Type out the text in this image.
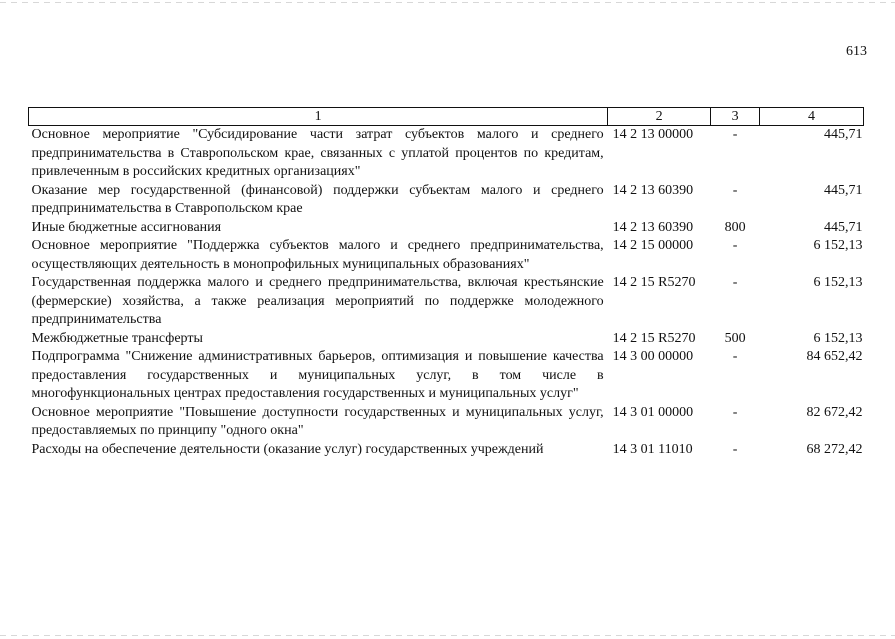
613
1	2	3	4
Основное мероприятие "Субсидирование части затрат субъектов малого и среднего предпринимательства в Ставропольском крае, связанных с уплатой процентов по кредитам, привлеченным в российских кредитных организациях"	14 2 13 00000	-	445,71
Оказание мер государственной (финансовой) поддержки субъектам малого и среднего предпринимательства в Ставропольском крае	14 2 13 60390	-	445,71
Иные бюджетные ассигнования	14 2 13 60390	800	445,71
Основное мероприятие "Поддержка субъектов малого и среднего предпринимательства, осуществляющих деятельность в монопрофильных муниципальных образованиях"	14 2 15 00000	-	6 152,13
Государственная поддержка малого и среднего предпринимательства, включая крестьянские (фермерские) хозяйства, а также реализация мероприятий по поддержке молодежного предпринимательства	14 2 15 R5270	-	6 152,13
Межбюджетные трансферты	14 2 15 R5270	500	6 152,13
Подпрограмма "Снижение административных барьеров, оптимизация и повышение качества предоставления государственных и муниципальных услуг, в том числе в многофункциональных центрах предоставления государственных и муниципальных услуг"	14 3 00 00000	-	84 652,42
Основное мероприятие "Повышение доступности государственных и муниципальных услуг, предоставляемых по принципу "одного окна"	14 3 01 00000	-	82 672,42
Расходы на обеспечение деятельности (оказание услуг) государственных учреждений	14 3 01 11010	-	68 272,42
